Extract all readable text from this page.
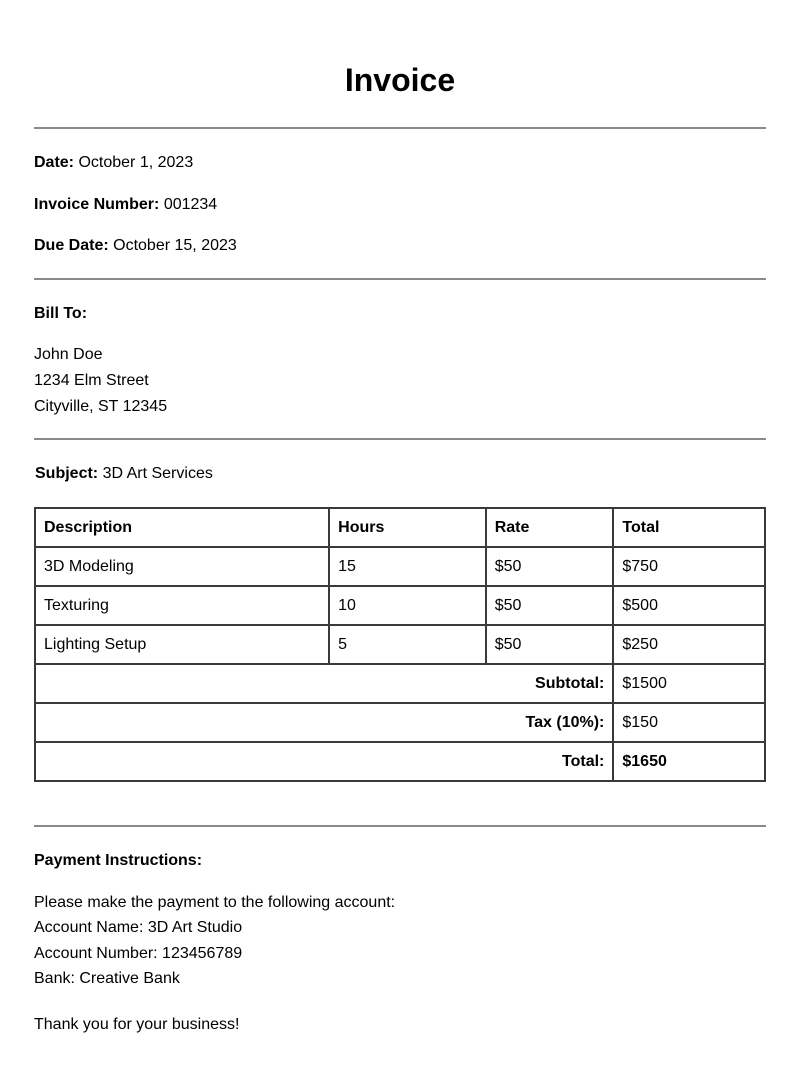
Invoice
Date: October 1, 2023
Invoice Number: 001234
Due Date: October 15, 2023
Bill To:
John Doe
1234 Elm Street
Cityville, ST 12345
Subject: 3D Art Services
Description	Hours	Rate	Total
3D Modeling	15	$50	$750
Texturing	10	$50	$500
Lighting Setup	5	$50	$250
Subtotal:			$1500
Tax (10%):			$150
Total:			$1650
Payment Instructions:
Please make the payment to the following account:
Account Name: 3D Art Studio
Account Number: 123456789
Bank: Creative Bank
Thank you for your business!
